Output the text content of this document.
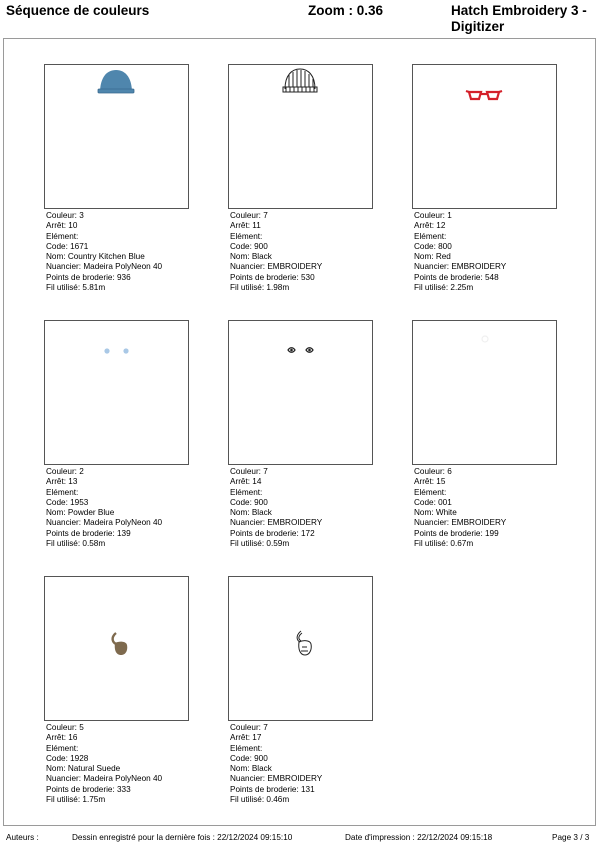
Séquence de couleurs	Zoom : 0.36	Hatch Embroidery 3 -
Digitizer
Couleur: 3
Arrêt: 10
Elément:
Code: 1671
Nom: Country Kitchen Blue
Nuancier: Madeira PolyNeon 40
Points de broderie: 936
Fil utilisé: 5.81m
Couleur: 7
Arrêt: 11
Elément:
Code: 900
Nom: Black
Nuancier: EMBROIDERY
Points de broderie: 530
Fil utilisé: 1.98m
Couleur: 1
Arrêt: 12
Elément:
Code: 800
Nom: Red
Nuancier: EMBROIDERY
Points de broderie: 548
Fil utilisé: 2.25m
Couleur: 2
Arrêt: 13
Elément:
Code: 1953
Nom: Powder Blue
Nuancier: Madeira PolyNeon 40
Points de broderie: 139
Fil utilisé: 0.58m
Couleur: 7
Arrêt: 14
Elément:
Code: 900
Nom: Black
Nuancier: EMBROIDERY
Points de broderie: 172
Fil utilisé: 0.59m
Couleur: 6
Arrêt: 15
Elément:
Code: 001
Nom: White
Nuancier: EMBROIDERY
Points de broderie: 199
Fil utilisé: 0.67m
Couleur: 5
Arrêt: 16
Elément:
Code: 1928
Nom: Natural Suede
Nuancier: Madeira PolyNeon 40
Points de broderie: 333
Fil utilisé: 1.75m
Couleur: 7
Arrêt: 17
Elément:
Code: 900
Nom: Black
Nuancier: EMBROIDERY
Points de broderie: 131
Fil utilisé: 0.46m
Auteurs :	Dessin enregistré pour la dernière fois : 22/12/2024 09:15:10	Date d'impression : 22/12/2024 09:15:18	Page 3 / 3
